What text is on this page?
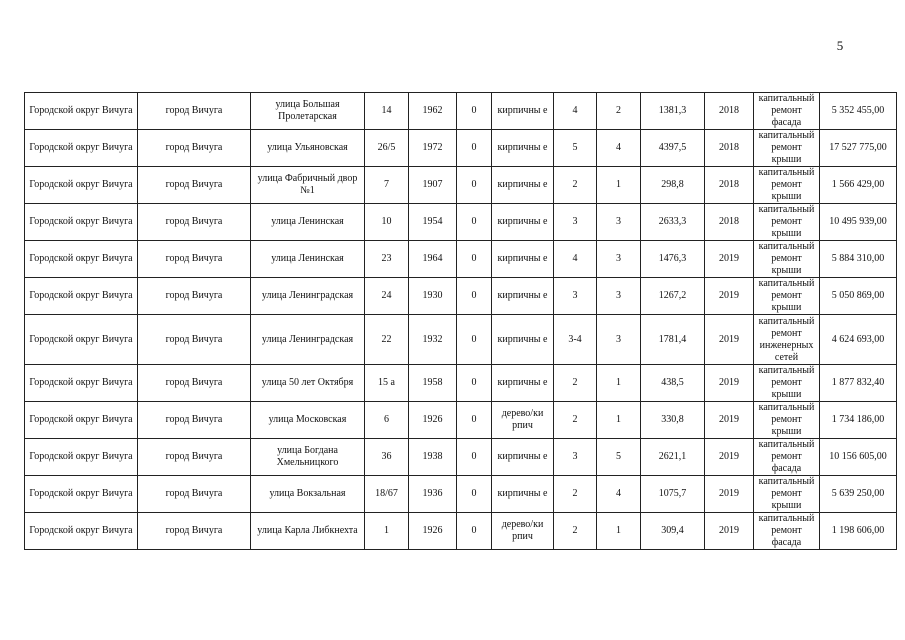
5
Городской округ Вичуга	город Вичуга	улица Большая Пролетарская	14	1962	0	кирпичны е	4	2	1381,3	2018	капитальный ремонт фасада	5 352 455,00
Городской округ Вичуга	город Вичуга	улица Ульяновская	26/5	1972	0	кирпичны е	5	4	4397,5	2018	капитальный ремонт крыши	17 527 775,00
Городской округ Вичуга	город Вичуга	улица Фабричный двор №1	7	1907	0	кирпичны е	2	1	298,8	2018	капитальный ремонт крыши	1 566 429,00
Городской округ Вичуга	город Вичуга	улица Ленинская	10	1954	0	кирпичны е	3	3	2633,3	2018	капитальный ремонт крыши	10 495 939,00
Городской округ Вичуга	город Вичуга	улица Ленинская	23	1964	0	кирпичны е	4	3	1476,3	2019	капитальный ремонт крыши	5 884 310,00
Городской округ Вичуга	город Вичуга	улица Ленинградская	24	1930	0	кирпичны е	3	3	1267,2	2019	капитальный ремонт крыши	5 050 869,00
Городской округ Вичуга	город Вичуга	улица Ленинградская	22	1932	0	кирпичны е	3-4	3	1781,4	2019	капитальный ремонт инженерных сетей	4 624 693,00
Городской округ Вичуга	город Вичуга	улица 50 лет Октября	15 а	1958	0	кирпичны е	2	1	438,5	2019	капитальный ремонт крыши	1 877 832,40
Городской округ Вичуга	город Вичуга	улица Московская	6	1926	0	дерево/ки рпич	2	1	330,8	2019	капитальный ремонт крыши	1 734 186,00
Городской округ Вичуга	город Вичуга	улица Богдана Хмельницкого	36	1938	0	кирпичны е	3	5	2621,1	2019	капитальный ремонт фасада	10 156 605,00
Городской округ Вичуга	город Вичуга	улица Вокзальная	18/67	1936	0	кирпичны е	2	4	1075,7	2019	капитальный ремонт крыши	5 639 250,00
Городской округ Вичуга	город Вичуга	улица Карла Либкнехта	1	1926	0	дерево/ки рпич	2	1	309,4	2019	капитальный ремонт фасада	1 198 606,00
